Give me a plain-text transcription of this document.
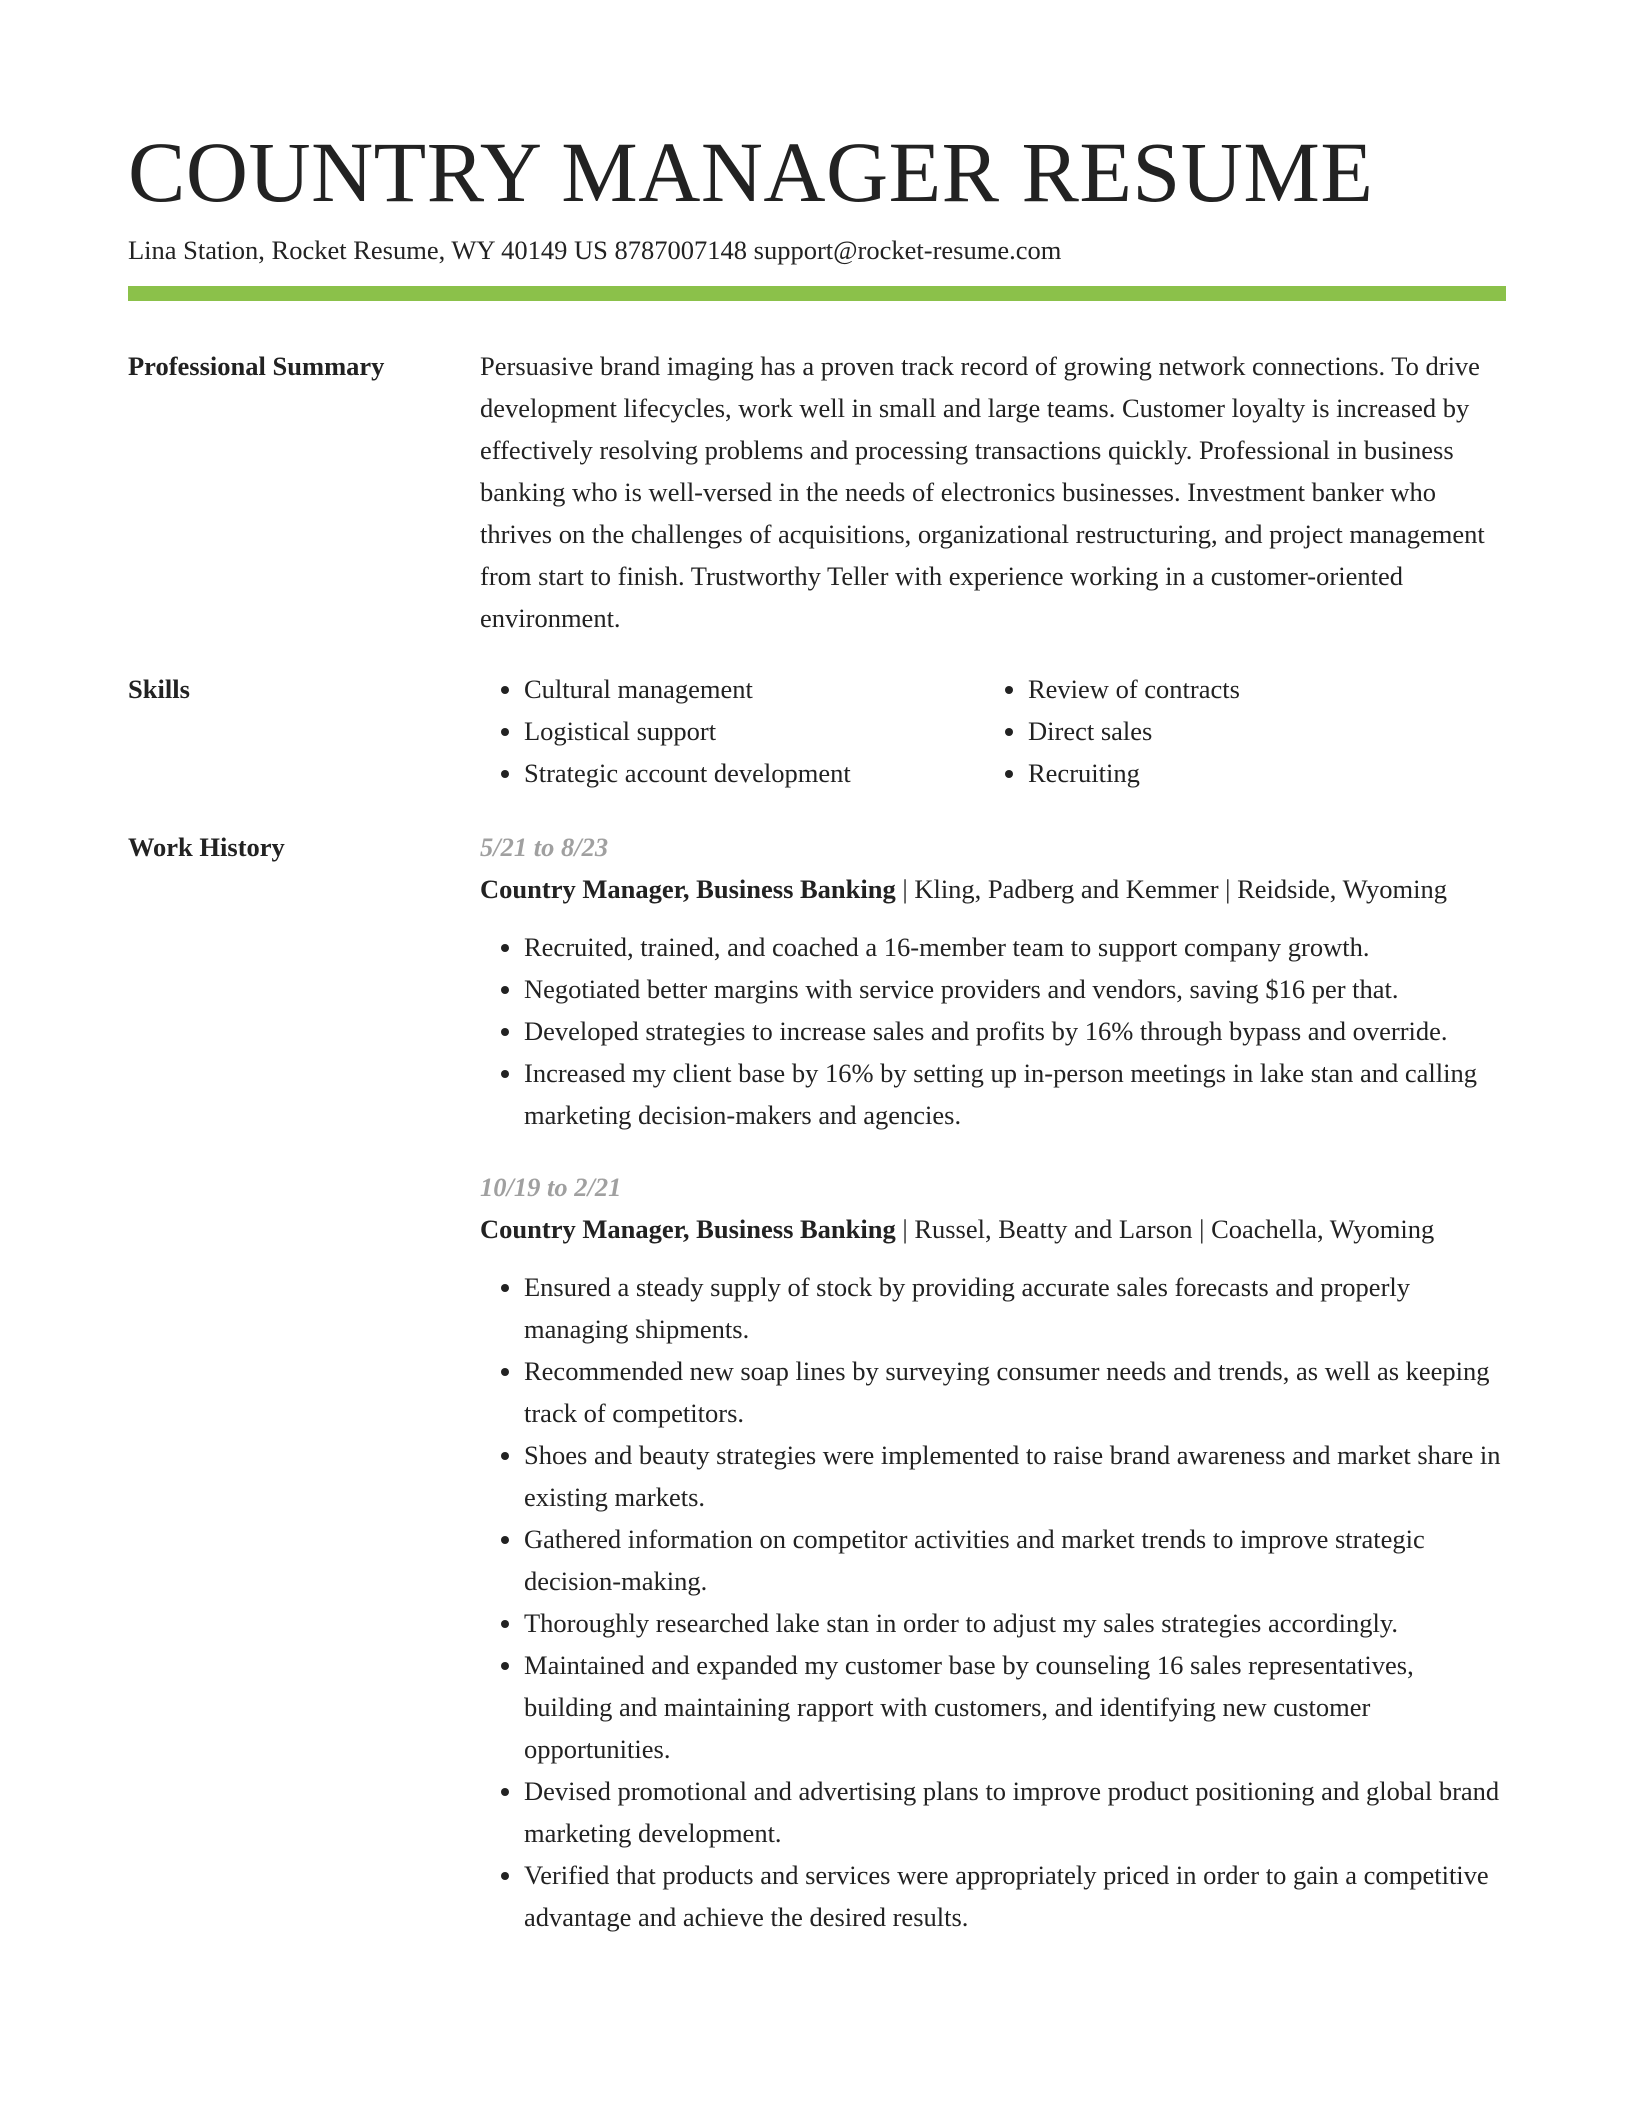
COUNTRY MANAGER RESUME
Lina Station, Rocket Resume, WY 40149 US 8787007148 support@rocket-resume.com
Professional Summary	Persuasive brand imaging has a proven track record of growing network connections. To drive development lifecycles, work well in small and large teams. Customer loyalty is increased by effectively resolving problems and processing transactions quickly. Professional in business banking who is well-versed in the needs of electronics businesses. Investment banker who thrives on the challenges of acquisitions, organizational restructuring, and project management from start to finish. Trustworthy Teller with experience working in a customer-oriented environment.

Skills
•	Cultural management
• Logistical support
• Strategic account development
• Review of contracts
• Direct sales
• Recruiting
Work History	5/21 to 8/23

Country Manager, Business Banking | Kling, Padberg and Kemmer | Reidside, Wyoming

• Recruited, trained, and coached a 16-member team to support company growth.
• Negotiated better margins with service providers and vendors, saving $16 per that.
• Developed strategies to increase sales and profits by 16% through bypass and override.
• Increased my client base by 16% by setting up in-person meetings in lake stan and calling marketing decision-makers and agencies.

10/19 to 2/21

Country Manager, Business Banking | Russel, Beatty and Larson | Coachella, Wyoming

• Ensured a steady supply of stock by providing accurate sales forecasts and properly managing shipments.
• Recommended new soap lines by surveying consumer needs and trends, as well as keeping track of competitors.
• Shoes and beauty strategies were implemented to raise brand awareness and market share in existing markets.
• Gathered information on competitor activities and market trends to improve strategic decision-making.
• Thoroughly researched lake stan in order to adjust my sales strategies accordingly.
• Maintained and expanded my customer base by counseling 16 sales representatives, building and maintaining rapport with customers, and identifying new customer opportunities.
• Devised promotional and advertising plans to improve product positioning and global brand marketing development.
• Verified that products and services were appropriately priced in order to gain a competitive advantage and achieve the desired results.
